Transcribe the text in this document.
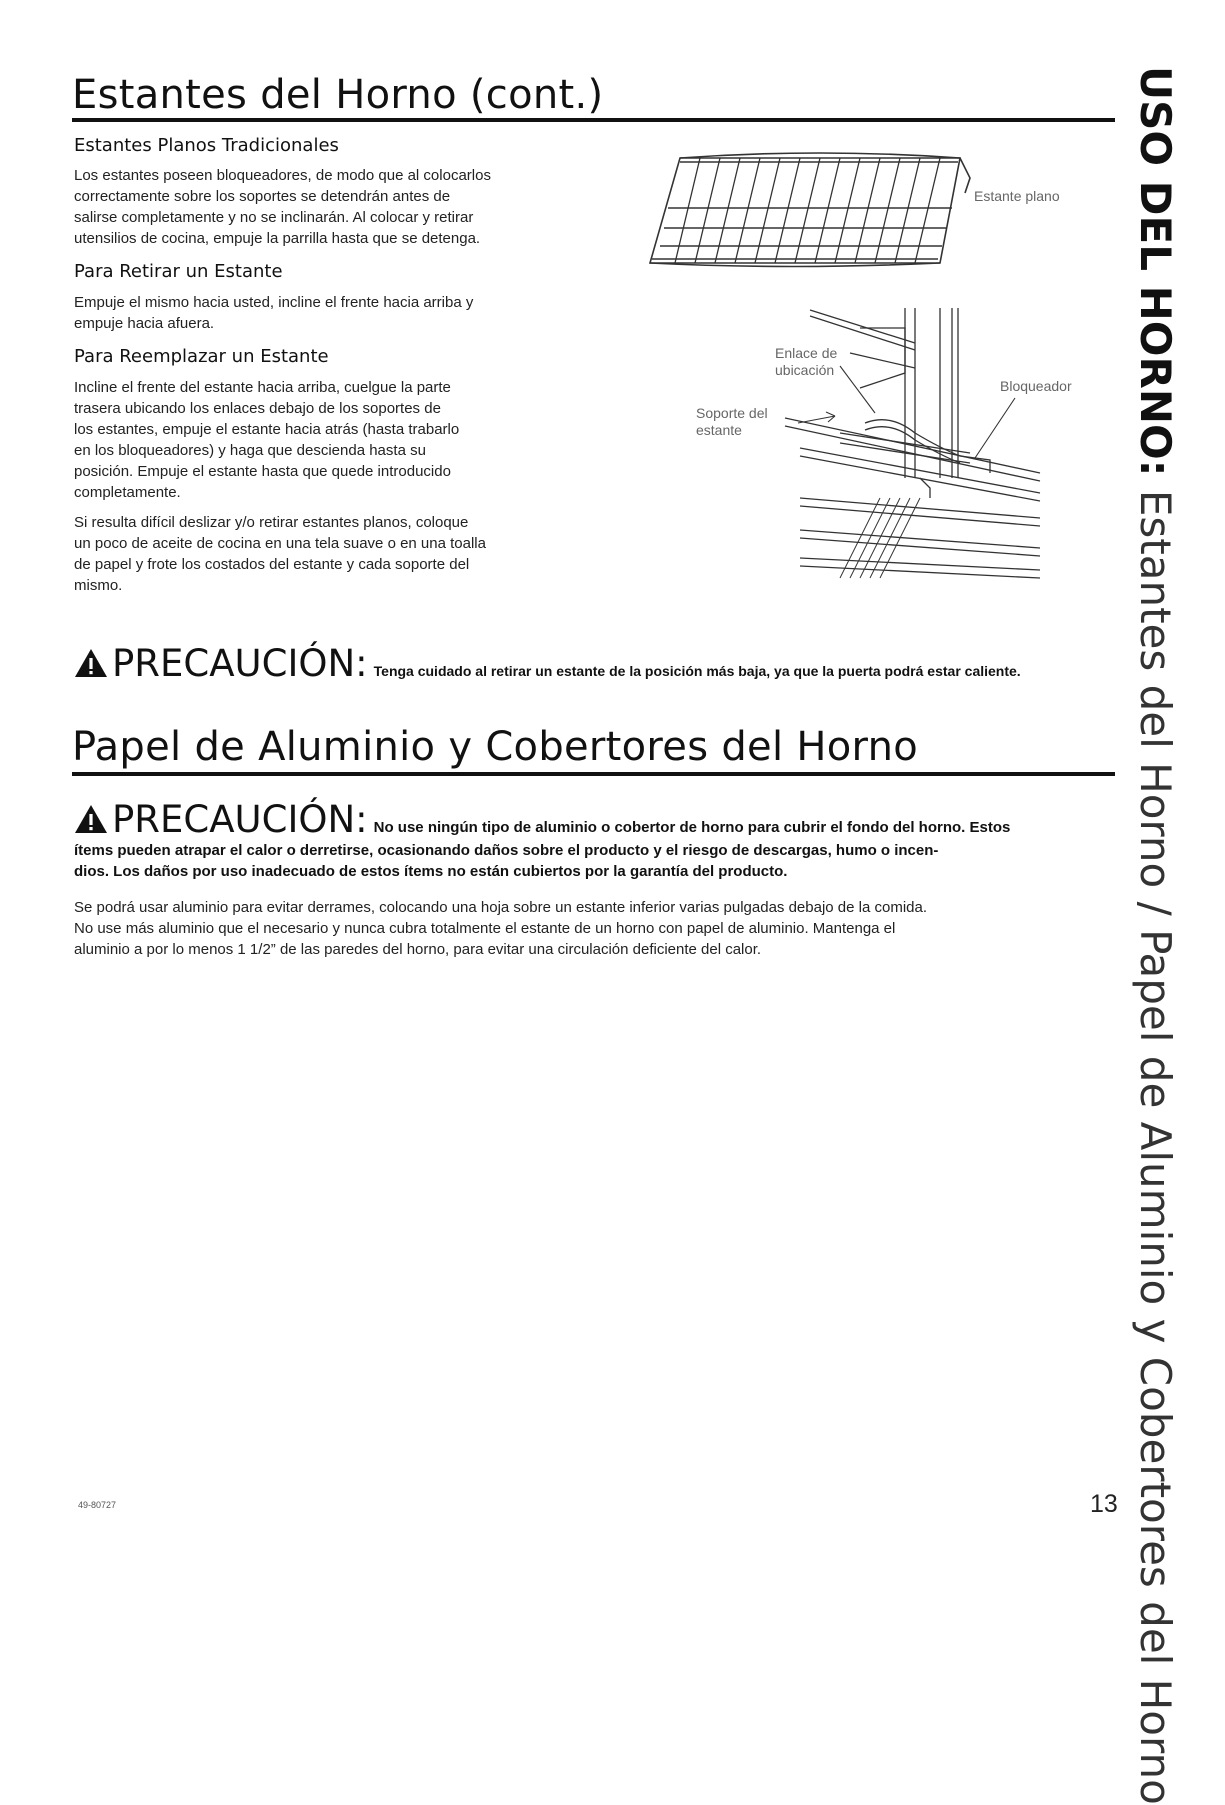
Estantes del Horno (cont.)
Estantes Planos Tradicionales

Los estantes poseen bloqueadores, de modo que al colocarlos

correctamente sobre los soportes se detendrán antes de

salirse completamente y no se inclinarán. Al colocar y retirar

utensilios de cocina, empuje la parrilla hasta que se detenga.

Para Retirar un Estante

Empuje el mismo hacia usted, incline el frente hacia arriba y

empuje hacia afuera.

Para Reemplazar un Estante

Incline el frente del estante hacia arriba, cuelgue la parte

trasera ubicando los enlaces debajo de los soportes de

los estantes, empuje el estante hacia atrás (hasta trabarlo

en los bloqueadores) y haga que descienda hasta su

posición. Empuje el estante hasta que quede introducido

completamente.

Si resulta difícil deslizar y/o retirar estantes planos, coloque

un poco de aceite de cocina en una tela suave o en una toalla

de papel y frote los costados del estante y cada soporte del

mismo.

Estante plano
Enlace de
ubicación
Soporte del
estante
Bloqueador
PRECAUCIÓN: Tenga cuidado al retirar un estante de la posición más baja, ya que la puerta podrá estar caliente.
Papel de Aluminio y Cobertores del Horno
PRECAUCIÓN: No use ningún tipo de aluminio o cobertor de horno para cubrir el fondo del horno. Estos

ítems pueden atrapar el calor o derretirse, ocasionando daños sobre el producto y el riesgo de descargas, humo o incen-

dios. Los daños por uso inadecuado de estos ítems no están cubiertos por la garantía del producto.

Se podrá usar aluminio para evitar derrames, colocando una hoja sobre un estante inferior varias pulgadas debajo de la comida.

No use más aluminio que el necesario y nunca cubra totalmente el estante de un horno con papel de aluminio. Mantenga el

aluminio a por lo menos 1 1/2” de las paredes del horno, para evitar una circulación deficiente del calor.

USO DEL HORNO: Estantes del Horno / Papel de Aluminio y Cobertores del Horno
49-80727	13
